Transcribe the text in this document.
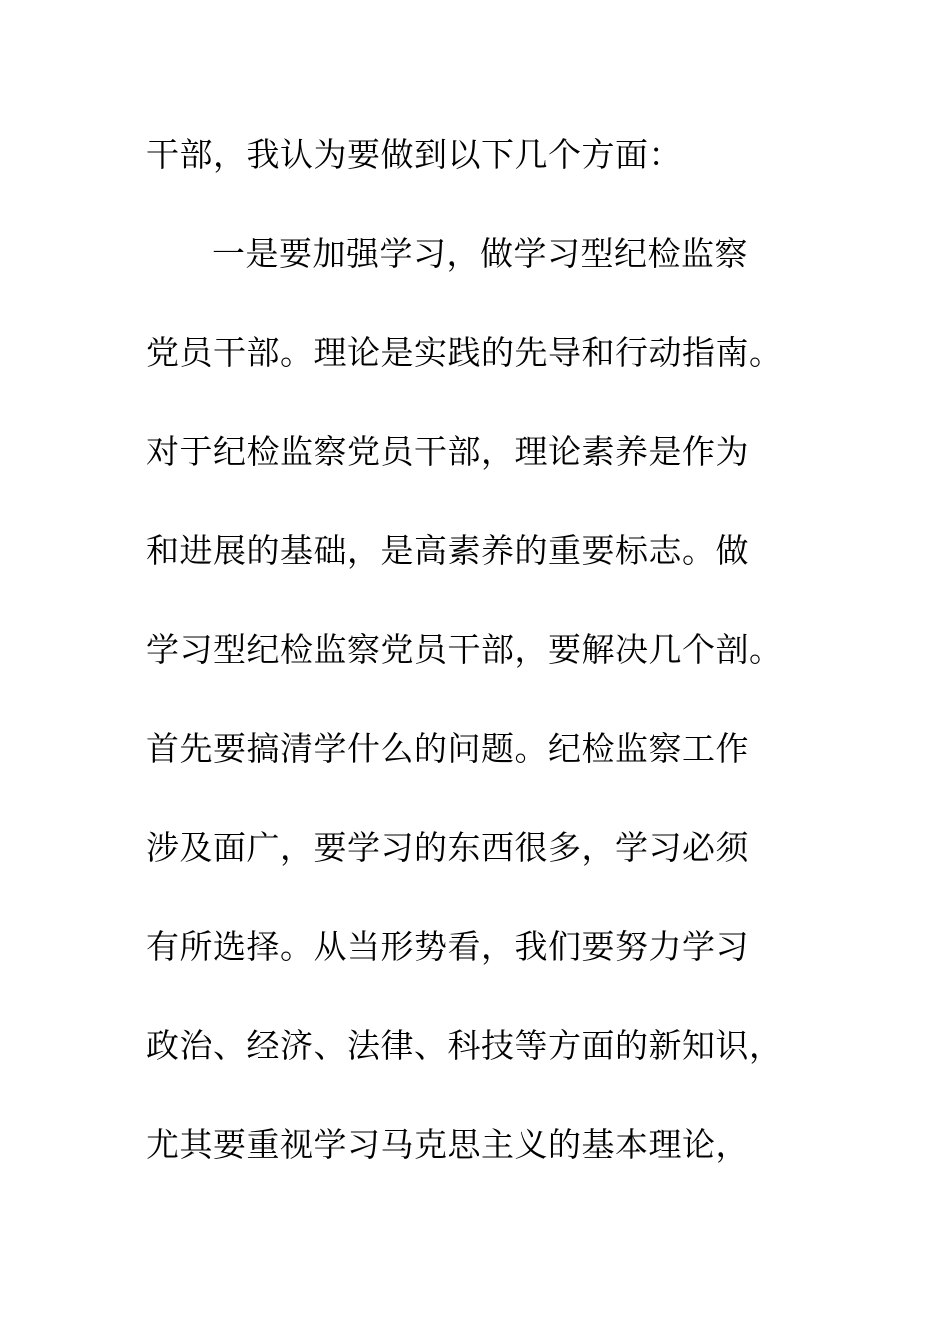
干部，我认为要做到以下几个方面：
一是要加强学习，做学习型纪检监察
党员干部。理论是实践的先导和行动指南。
对于纪检监察党员干部，理论素养是作为
和进展的基础，是高素养的重要标志。做
学习型纪检监察党员干部，要解决几个剖。
首先要搞清学什么的问题。纪检监察工作
涉及面广，要学习的东西很多，学习必须
有所选择。从当形势看，我们要努力学习
政治、经济、法律、科技等方面的新知识，
尤其要重视学习马克思主义的基本理论，
